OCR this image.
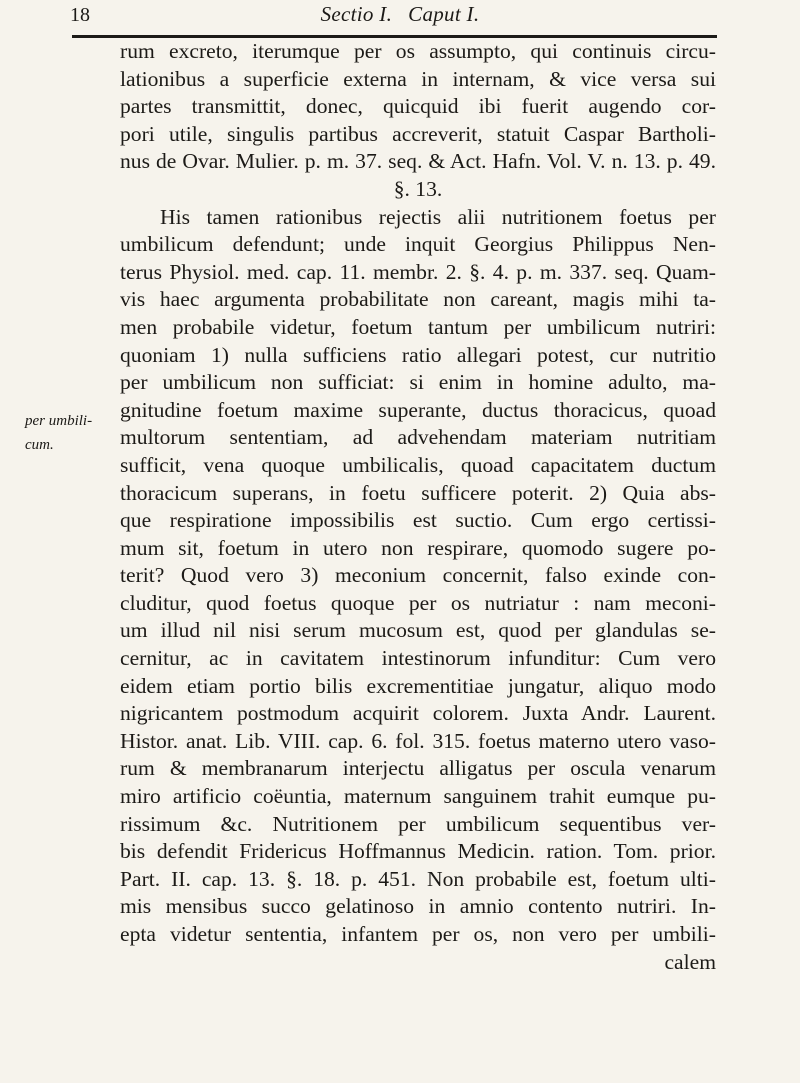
18	Sectio I. Caput I.
per umbili-
cum.
rum excreto, iterumque per os assumpto, qui continuis circu-
lationibus a superficie externa in internam, & vice versa sui
partes transmittit, donec, quicquid ibi fuerit augendo cor-
pori utile, singulis partibus accreverit, statuit Caspar Bartholi-
nus de Ovar. Mulier. p. m. 37. seq. & Act. Hafn. Vol. V. n. 13. p. 49.
§. 13.
His tamen rationibus rejectis alii nutritionem foetus per
umbilicum defendunt; unde inquit Georgius Philippus Nen-
terus Physiol. med. cap. 11. membr. 2. §. 4. p. m. 337. seq. Quam-
vis haec argumenta probabilitate non careant, magis mihi ta-
men probabile videtur, foetum tantum per umbilicum nutriri:
quoniam 1) nulla sufficiens ratio allegari potest, cur nutritio
per umbilicum non sufficiat: si enim in homine adulto, ma-
gnitudine foetum maxime superante, ductus thoracicus, quoad
multorum sententiam, ad advehendam materiam nutritiam
sufficit, vena quoque umbilicalis, quoad capacitatem ductum
thoracicum superans, in foetu sufficere poterit. 2) Quia abs-
que respiratione impossibilis est suctio. Cum ergo certissi-
mum sit, foetum in utero non respirare, quomodo sugere po-
terit? Quod vero 3) meconium concernit, falso exinde con-
cluditur, quod foetus quoque per os nutriatur : nam meconi-
um illud nil nisi serum mucosum est, quod per glandulas se-
cernitur, ac in cavitatem intestinorum infunditur: Cum vero
eidem etiam portio bilis excrementitiae jungatur, aliquo modo
nigricantem postmodum acquirit colorem. Juxta Andr. Laurent.
Histor. anat. Lib. VIII. cap. 6. fol. 315. foetus materno utero vaso-
rum & membranarum interjectu alligatus per oscula venarum
miro artificio coëuntia, maternum sanguinem trahit eumque pu-
rissimum &c. Nutritionem per umbilicum sequentibus ver-
bis defendit Fridericus Hoffmannus Medicin. ration. Tom. prior.
Part. II. cap. 13. §. 18. p. 451. Non probabile est, foetum ulti-
mis mensibus succo gelatinoso in amnio contento nutriri. In-
epta videtur sententia, infantem per os, non vero per umbili-
calem
